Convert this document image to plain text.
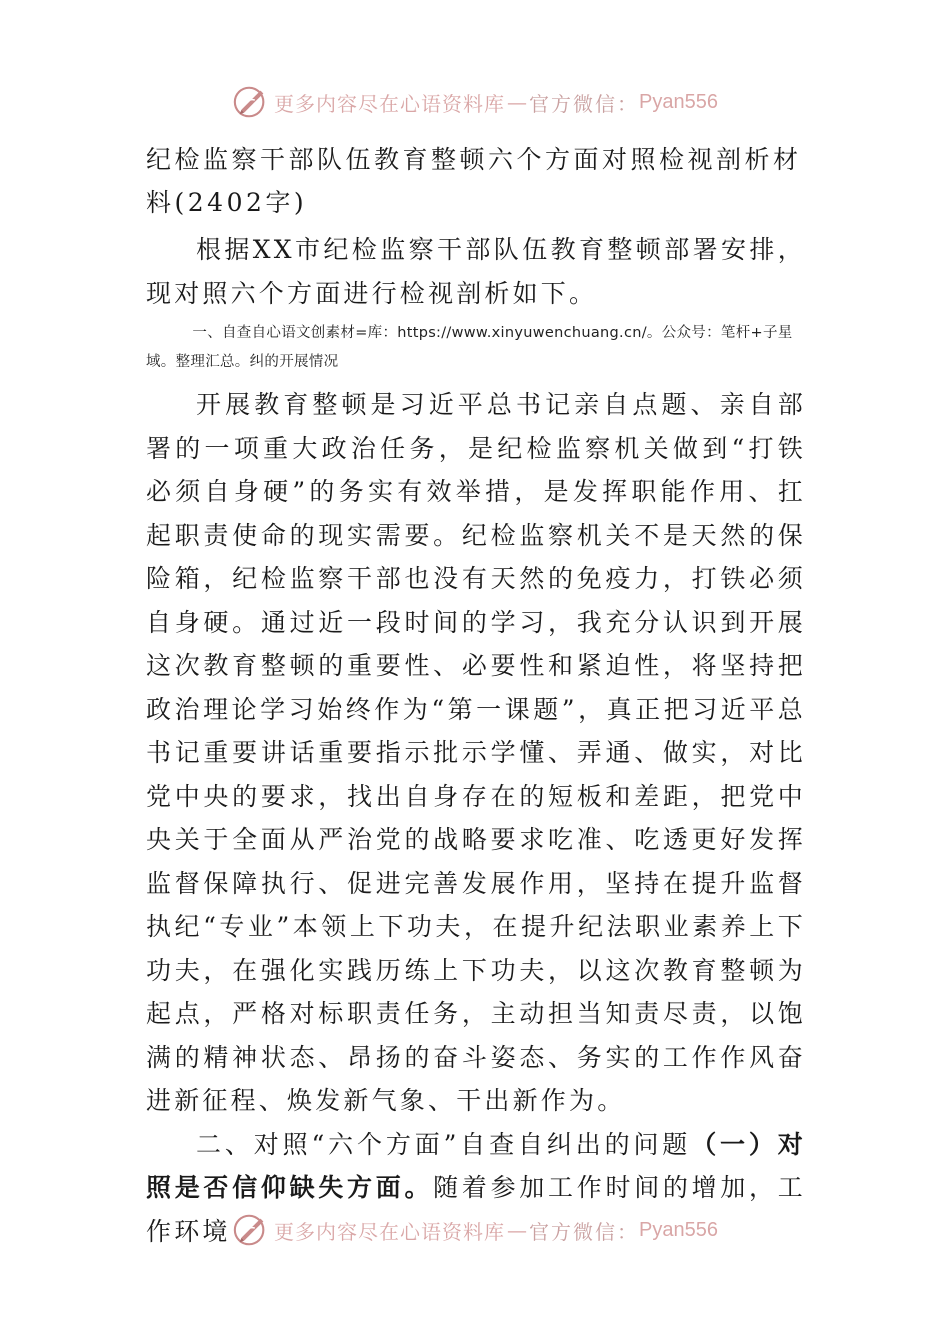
更多内容尽在心语资料库 — 官方微信： Pyan556
纪检监察干部队伍教育整顿六个方面对照检视剖析材料(2402字)

根据XX市纪检监察干部队伍教育整顿部署安排，现对照六个方面进行检视剖析如下。

一、自查自心语文创素材=库：https://www.xinyuwenchuang.cn/。公众号：笔杆+子星域。整理汇总。纠的开展情况

开展教育整顿是习近平总书记亲自点题、亲自部署的一项重大政治任务，是纪检监察机关做到“打铁必须自身硬”的务实有效举措，是发挥职能作用、扛起职责使命的现实需要。纪检监察机关不是天然的保险箱，纪检监察干部也没有天然的免疫力，打铁必须自身硬。通过近一段时间的学习，我充分认识到开展这次教育整顿的重要性、必要性和紧迫性，将坚持把政治理论学习始终作为“第一课题”，真正把习近平总书记重要讲话重要指示批示学懂、弄通、做实，对比党中央的要求，找出自身存在的短板和差距，把党中央关于全面从严治党的战略要求吃准、吃透更好发挥监督保障执行、促进完善发展作用，坚持在提升监督执纪“专业”本领上下功夫，在提升纪法职业素养上下功夫，在强化实践历练上下功夫，以这次教育整顿为起点，严格对标职责任务，主动担当知责尽责，以饱满的精神状态、昂扬的奋斗姿态、务实的工作作风奋进新征程、焕发新气象、干出新作为。

二、对照“六个方面”自查自纠出的问题（一）对照是否信仰缺失方面。随着参加工作时间的增加，工作环境	更多内容尽在心语资料库 — 官方微信： Pyan556
